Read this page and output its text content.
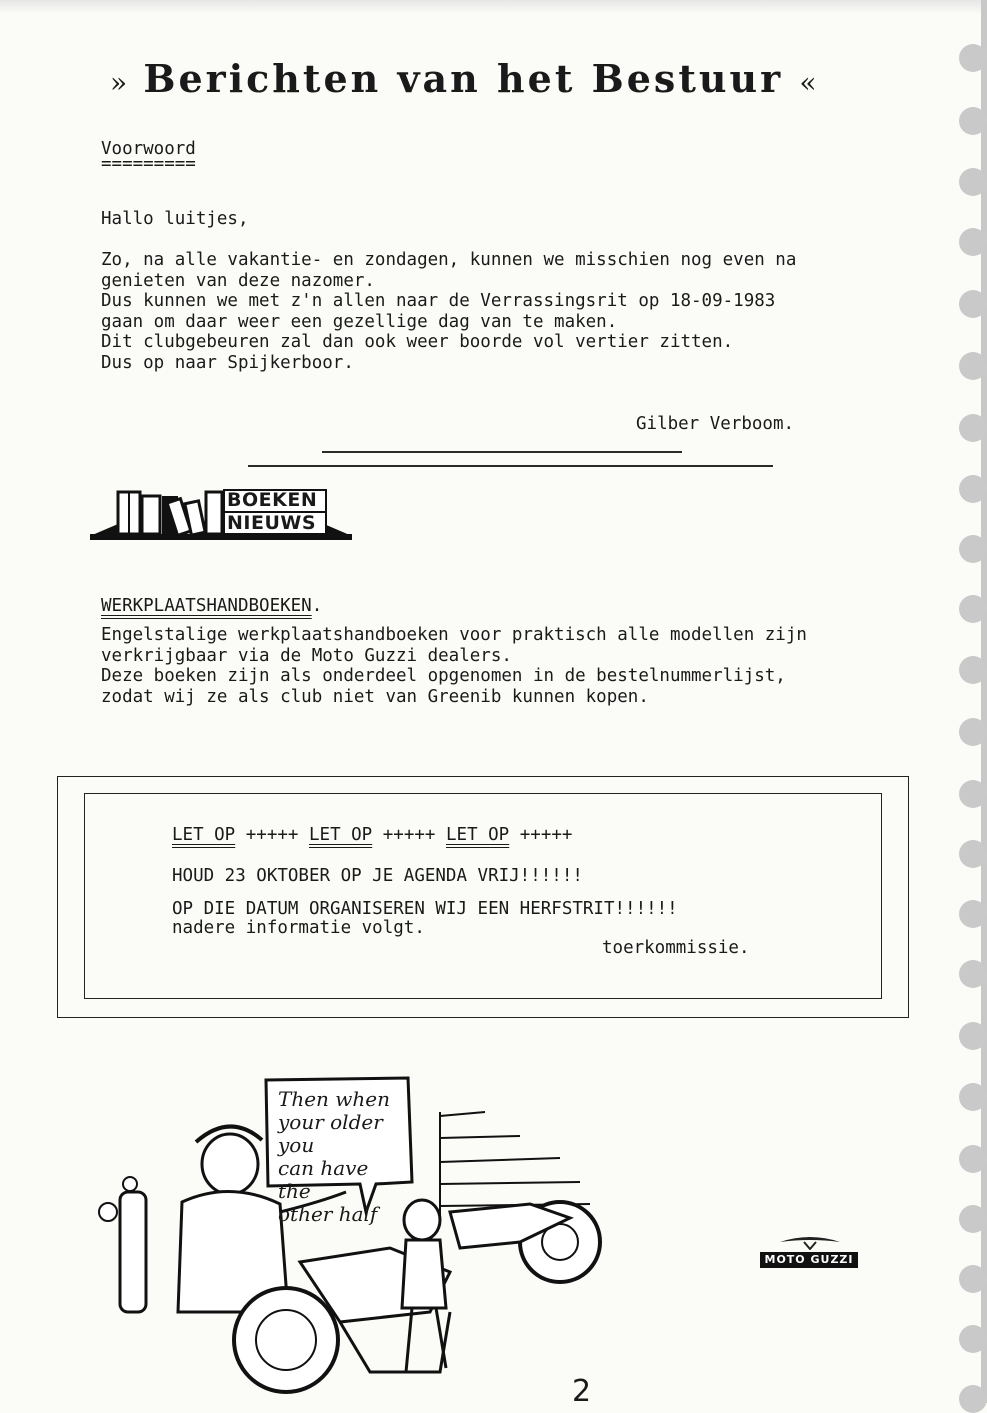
» Berichten van het Bestuur «
Voorwoord
=========
Hallo luitjes,
Zo, na alle vakantie- en zondagen, kunnen we misschien nog even na
genieten van deze nazomer.
Dus kunnen we met z'n allen naar de Verrassingsrit op 18-09-1983
gaan om daar weer een gezellige dag van te maken.
Dit clubgebeuren zal dan ook weer boorde vol vertier zitten.
Dus op naar Spijkerboor.
Gilber Verboom.
BOEKEN
NIEUWS
WERKPLAATSHANDBOEKEN.
Engelstalige werkplaatshandboeken voor praktisch alle modellen zijn
verkrijgbaar via de Moto Guzzi dealers.
Deze boeken zijn als onderdeel opgenomen in de bestelnummerlijst,
zodat wij ze als club niet van Greenib kunnen kopen.
LET OP +++++ LET OP +++++ LET OP +++++
HOUD 23 OKTOBER OP JE AGENDA VRIJ!!!!!!
OP DIE DATUM ORGANISEREN WIJ EEN HERFSTRIT!!!!!!
nadere informatie volgt.
toerkommissie.
Then when
your older you
can have the
other half
MOTO GUZZI
2
